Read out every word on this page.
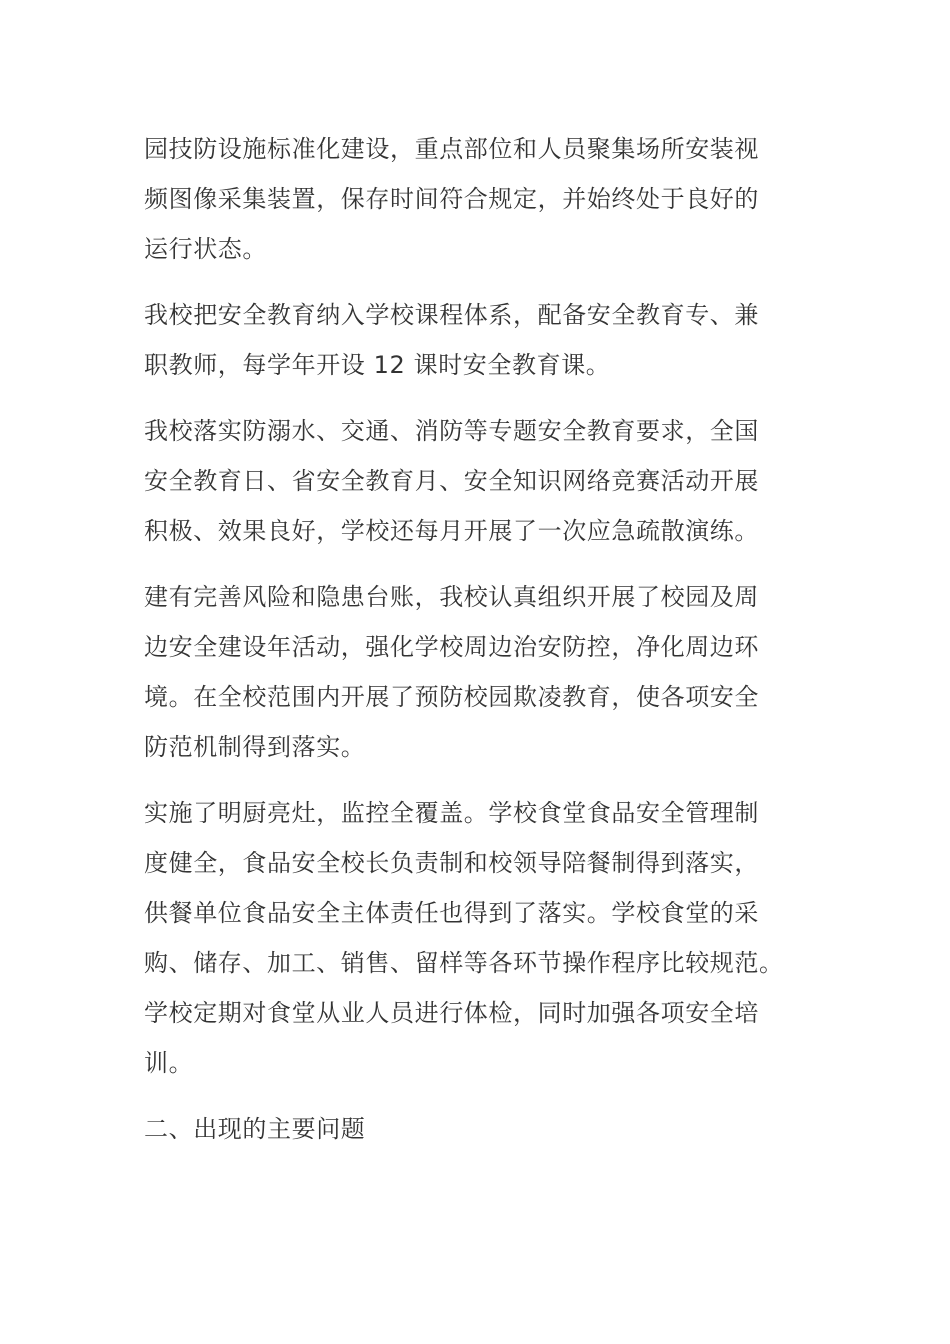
园技防设施标准化建设，重点部位和人员聚集场所安装视
频图像采集装置，保存时间符合规定，并始终处于良好的
运行状态。

我校把安全教育纳入学校课程体系，配备安全教育专、兼
职教师，每学年开设 12 课时安全教育课。

我校落实防溺水、交通、消防等专题安全教育要求，全国
安全教育日、省安全教育月、安全知识网络竞赛活动开展
积极、效果良好，学校还每月开展了一次应急疏散演练。

建有完善风险和隐患台账，我校认真组织开展了校园及周
边安全建设年活动，强化学校周边治安防控，净化周边环
境。在全校范围内开展了预防校园欺凌教育，使各项安全
防范机制得到落实。

实施了明厨亮灶，监控全覆盖。学校食堂食品安全管理制
度健全，食品安全校长负责制和校领导陪餐制得到落实，
供餐单位食品安全主体责任也得到了落实。学校食堂的采
购、储存、加工、销售、留样等各环节操作程序比较规范。
学校定期对食堂从业人员进行体检，同时加强各项安全培
训。

二、出现的主要问题
